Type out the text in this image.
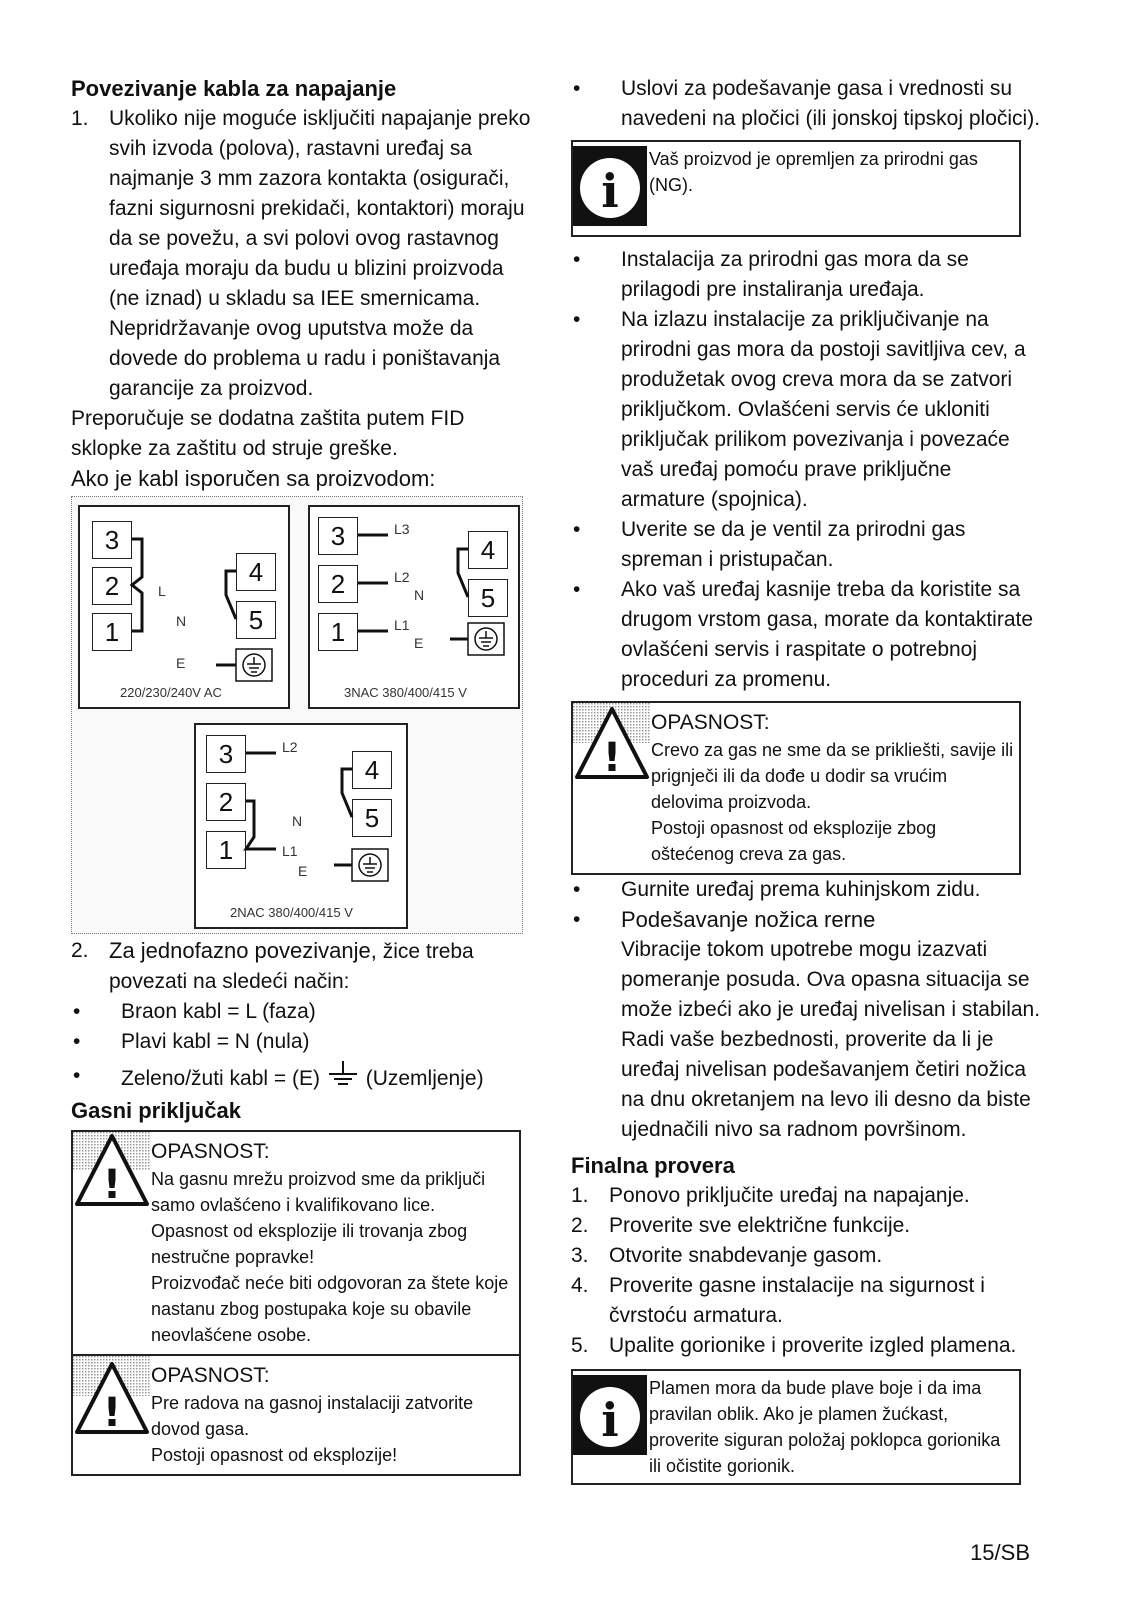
Povezivanje kabla za napajanje

1. Ukoliko nije moguće isključiti napajanje preko svih izvoda (polova), rastavni uređaj sa najmanje 3 mm zazora kontakta (osigurači, fazni sigurnosni prekidači, kontaktori) moraju da se povežu, a svi polovi ovog rastavnog uređaja moraju da budu u blizini proizvoda (ne iznad) u skladu sa IEE smernicama. Nepridržavanje ovog uputstva može da dovede do problema u radu i poništavanja garancije za proizvod.

Preporučuje se dodatna zaštita putem FID sklopke za zaštitu od struje greške.

Ako je kabl isporučen sa proizvodom:

2. Za jednofazno povezivanje, žice treba povezati na sledeći način:
•	Braon kabl = L (faza)
•	Plavi kabl = N (nula)
•	Zeleno/žuti kabl = (E) (Uzemljenje)

Gasni priključak

!
OPASNOST:
Na gasnu mrežu proizvod sme da priključi samo ovlašćeno i kvalifikovano lice.
Opasnost od eksplozije ili trovanja zbog nestručne popravke!
Proizvođač neće biti odgovoran za štete koje nastanu zbog postupaka koje su obavile neovlašćene osobe.
!
OPASNOST:
Pre radova na gasnoj instalaciji zatvorite dovod gasa.
Postoji opasnost od eksplozije!
3
2
1
4
5
L
N
E
220/230/240V AC
3
2
1
4
5
L3
L2
N
L1
E
3NAC 380/400/415 V
3
2
1
4
5
L2
N
L1
E
2NAC 380/400/415 V
•	Uslovi za podešavanje gasa i vrednosti su navedeni na pločici (ili jonskoj tipskoj pločici).
i
Vaš proizvod je opremljen za prirodni gas (NG).
•	Instalacija za prirodni gas mora da se prilagodi pre instaliranja uređaja.
•	Na izlazu instalacije za priključivanje na prirodni gas mora da postoji savitljiva cev, a produžetak ovog creva mora da se zatvori priključkom. Ovlašćeni servis će ukloniti priključak prilikom povezivanja i povezaće vaš uređaj pomoću prave priključne armature (spojnica).
•	Uverite se da je ventil za prirodni gas spreman i pristupačan.
•	Ako vaš uređaj kasnije treba da koristite sa drugom vrstom gasa, morate da kontaktirate ovlašćeni servis i raspitate o potrebnoj proceduri za promenu.
!
OPASNOST:
Crevo za gas ne sme da se prikliešti, savije ili prignječi ili da dođe u dodir sa vrućim delovima proizvoda.
Postoji opasnost od eksplozije zbog oštećenog creva za gas.
•	Gurnite uređaj prema kuhinjskom zidu.
•	Podešavanje nožica rerne
Vibracije tokom upotrebe mogu izazvati pomeranje posuda. Ova opasna situacija se može izbeći ako je uređaj nivelisan i stabilan. Radi vaše bezbednosti, proverite da li je uređaj nivelisan podešavanjem četiri nožica na dnu okretanjem na levo ili desno da biste ujednačili nivo sa radnom površinom.

Finalna provera

1. Ponovo priključite uređaj na napajanje.
2. Proverite sve električne funkcije.
3. Otvorite snabdevanje gasom.
4. Proverite gasne instalacije na sigurnost i čvrstoću armatura.
5. Upalite gorionike i proverite izgled plamena.
i
Plamen mora da bude plave boje i da ima pravilan oblik. Ako je plamen žućkast, proverite siguran položaj poklopca gorionika ili očistite gorionik.
15/SB
